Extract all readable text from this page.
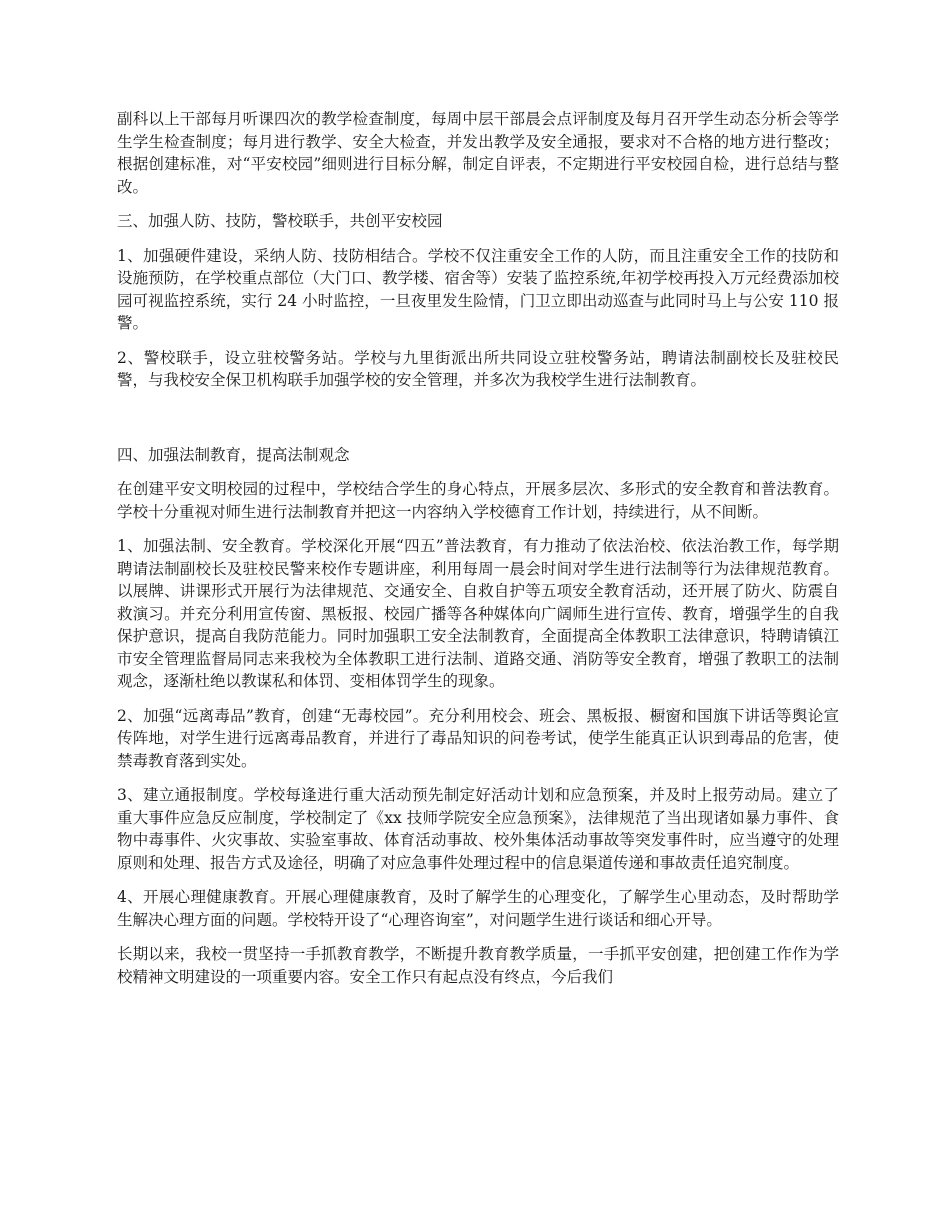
副科以上干部每月听课四次的教学检查制度，每周中层干部晨会点评制度及每月召开学生动态分析会等学生学生检查制度；每月进行教学、安全大检查，并发出教学及安全通报，要求对不合格的地方进行整改；根据创建标准，对“平安校园”细则进行目标分解，制定自评表，不定期进行平安校园自检，进行总结与整改。

三、加强人防、技防，警校联手，共创平安校园

1、加强硬件建设，采纳人防、技防相结合。学校不仅注重安全工作的人防，而且注重安全工作的技防和设施预防，在学校重点部位（大门口、教学楼、宿舍等）安装了监控系统,年初学校再投入万元经费添加校园可视监控系统，实行 24 小时监控，一旦夜里发生险情，门卫立即出动巡查与此同时马上与公安 110 报警。

2、警校联手，设立驻校警务站。学校与九里街派出所共同设立驻校警务站，聘请法制副校长及驻校民警，与我校安全保卫机构联手加强学校的安全管理，并多次为我校学生进行法制教育。

四、加强法制教育，提高法制观念

在创建平安文明校园的过程中，学校结合学生的身心特点，开展多层次、多形式的安全教育和普法教育。学校十分重视对师生进行法制教育并把这一内容纳入学校德育工作计划，持续进行，从不间断。

1、加强法制、安全教育。学校深化开展“四五”普法教育，有力推动了依法治校、依法治教工作，每学期聘请法制副校长及驻校民警来校作专题讲座，利用每周一晨会时间对学生进行法制等行为法律规范教育。以展牌、讲课形式开展行为法律规范、交通安全、自救自护等五项安全教育活动，还开展了防火、防震自救演习。并充分利用宣传窗、黑板报、校园广播等各种媒体向广阔师生进行宣传、教育，增强学生的自我保护意识，提高自我防范能力。同时加强职工安全法制教育，全面提高全体教职工法律意识，特聘请镇江市安全管理监督局同志来我校为全体教职工进行法制、道路交通、消防等安全教育，增强了教职工的法制观念，逐渐杜绝以教谋私和体罚、变相体罚学生的现象。

2、加强“远离毒品”教育，创建“无毒校园”。充分利用校会、班会、黑板报、橱窗和国旗下讲话等舆论宣传阵地，对学生进行远离毒品教育，并进行了毒品知识的问卷考试，使学生能真正认识到毒品的危害，使禁毒教育落到实处。

3、建立通报制度。学校每逢进行重大活动预先制定好活动计划和应急预案，并及时上报劳动局。建立了重大事件应急反应制度，学校制定了《xx 技师学院安全应急预案》，法律规范了当出现诸如暴力事件、食物中毒事件、火灾事故、实验室事故、体育活动事故、校外集体活动事故等突发事件时，应当遵守的处理原则和处理、报告方式及途径，明确了对应急事件处理过程中的信息渠道传递和事故责任追究制度。

4、开展心理健康教育。开展心理健康教育，及时了解学生的心理变化，了解学生心里动态，及时帮助学生解决心理方面的问题。学校特开设了“心理咨询室”，对问题学生进行谈话和细心开导。

长期以来，我校一贯坚持一手抓教育教学，不断提升教育教学质量，一手抓平安创建，把创建工作作为学校精神文明建设的一项重要内容。安全工作只有起点没有终点，今后我们
